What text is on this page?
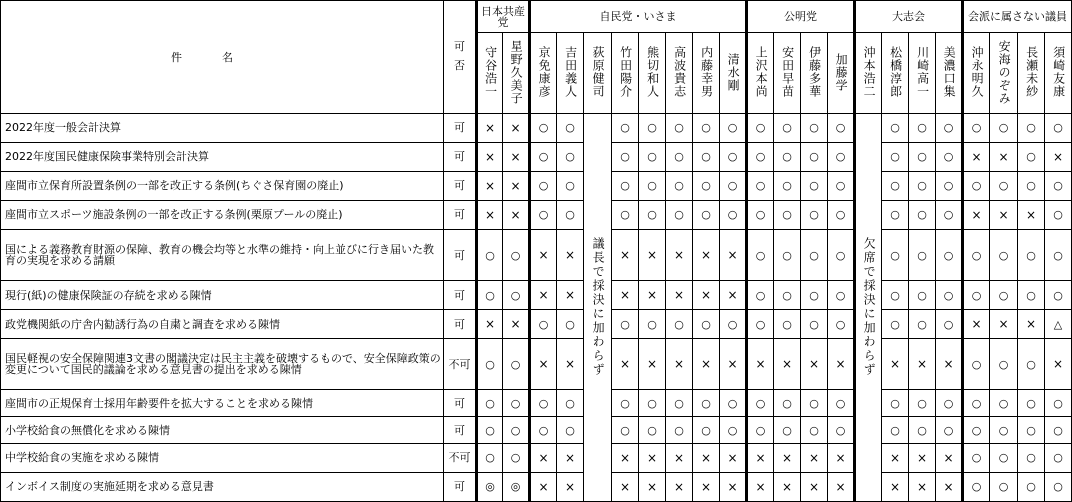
件名	可否	日本共産党		自民党・いさま								公明党				大志会				会派に属さない議員			
		守谷浩一	星野久美子	京免康彦	吉田義人	荻原健司	竹田陽介	熊切和人	高波貴志	内藤幸男	清水剛	上沢本尚	安田早苗	伊藤多華	加藤学	沖本浩二	松橋淳郎	川崎高一	美濃口集	沖永明久	安海のぞみ	長瀬未紗	須崎友康
2022年度一般会計決算	可	×	×	○	○	議長で採決に加わらず	○	○	○	○	○	○	○	○	○	欠席で採決に加わらず	○	○	○	○	○	○	○
2022年度国民健康保険事業特別会計決算	可	×	×	○	○		○	○	○	○	○	○	○	○	○		○	○	○	×	×	○	×
座間市立保育所設置条例の一部を改正する条例(ちぐさ保育園の廃止)	可	×	×	○	○		○	○	○	○	○	○	○	○	○		○	○	○	○	○	○	○
座間市立スポーツ施設条例の一部を改正する条例(栗原プールの廃止)	可	×	×	○	○		○	○	○	○	○	○	○	○	○		○	○	○	×	×	×	○
国による義務教育財源の保障、教育の機会均等と水準の維持・向上並びに行き届いた教育の実現を求める請願	可	○	○	×	×		×	×	×	×	×	○	○	○	○		○	○	○	○	○	○	○
現行(紙)の健康保険証の存続を求める陳情	可	○	○	×	×		×	×	×	×	×	○	○	○	○		○	○	○	○	○	○	○
政党機関紙の庁舎内勧誘行為の自粛と調査を求める陳情	可	×	×	○	○		○	○	○	○	○	○	○	○	○		○	○	○	×	×	×	△
国民軽視の安全保障関連3文書の閣議決定は民主主義を破壊するもので、安全保障政策の変更について国民的議論を求める意見書の提出を求める陳情	不可	○	○	×	×		×	×	×	×	×	×	×	×	×		×	×	×	○	○	○	×
座間市の正規保育士採用年齢要件を拡大することを求める陳情	可	○	○	○	○		○	○	○	○	○	○	○	○	○		○	○	○	○	○	○	○
小学校給食の無償化を求める陳情	可	○	○	○	○		○	○	○	○	○	○	○	○	○		○	○	○	○	○	○	○
中学校給食の実施を求める陳情	不可	○	○	×	×		×	×	×	×	×	×	×	×	×		×	×	×	○	○	○	○
インボイス制度の実施延期を求める意見書	可	◎	◎	×	×		×	×	×	×	×	×	×	×	×		×	×	×	○	○	○	○
